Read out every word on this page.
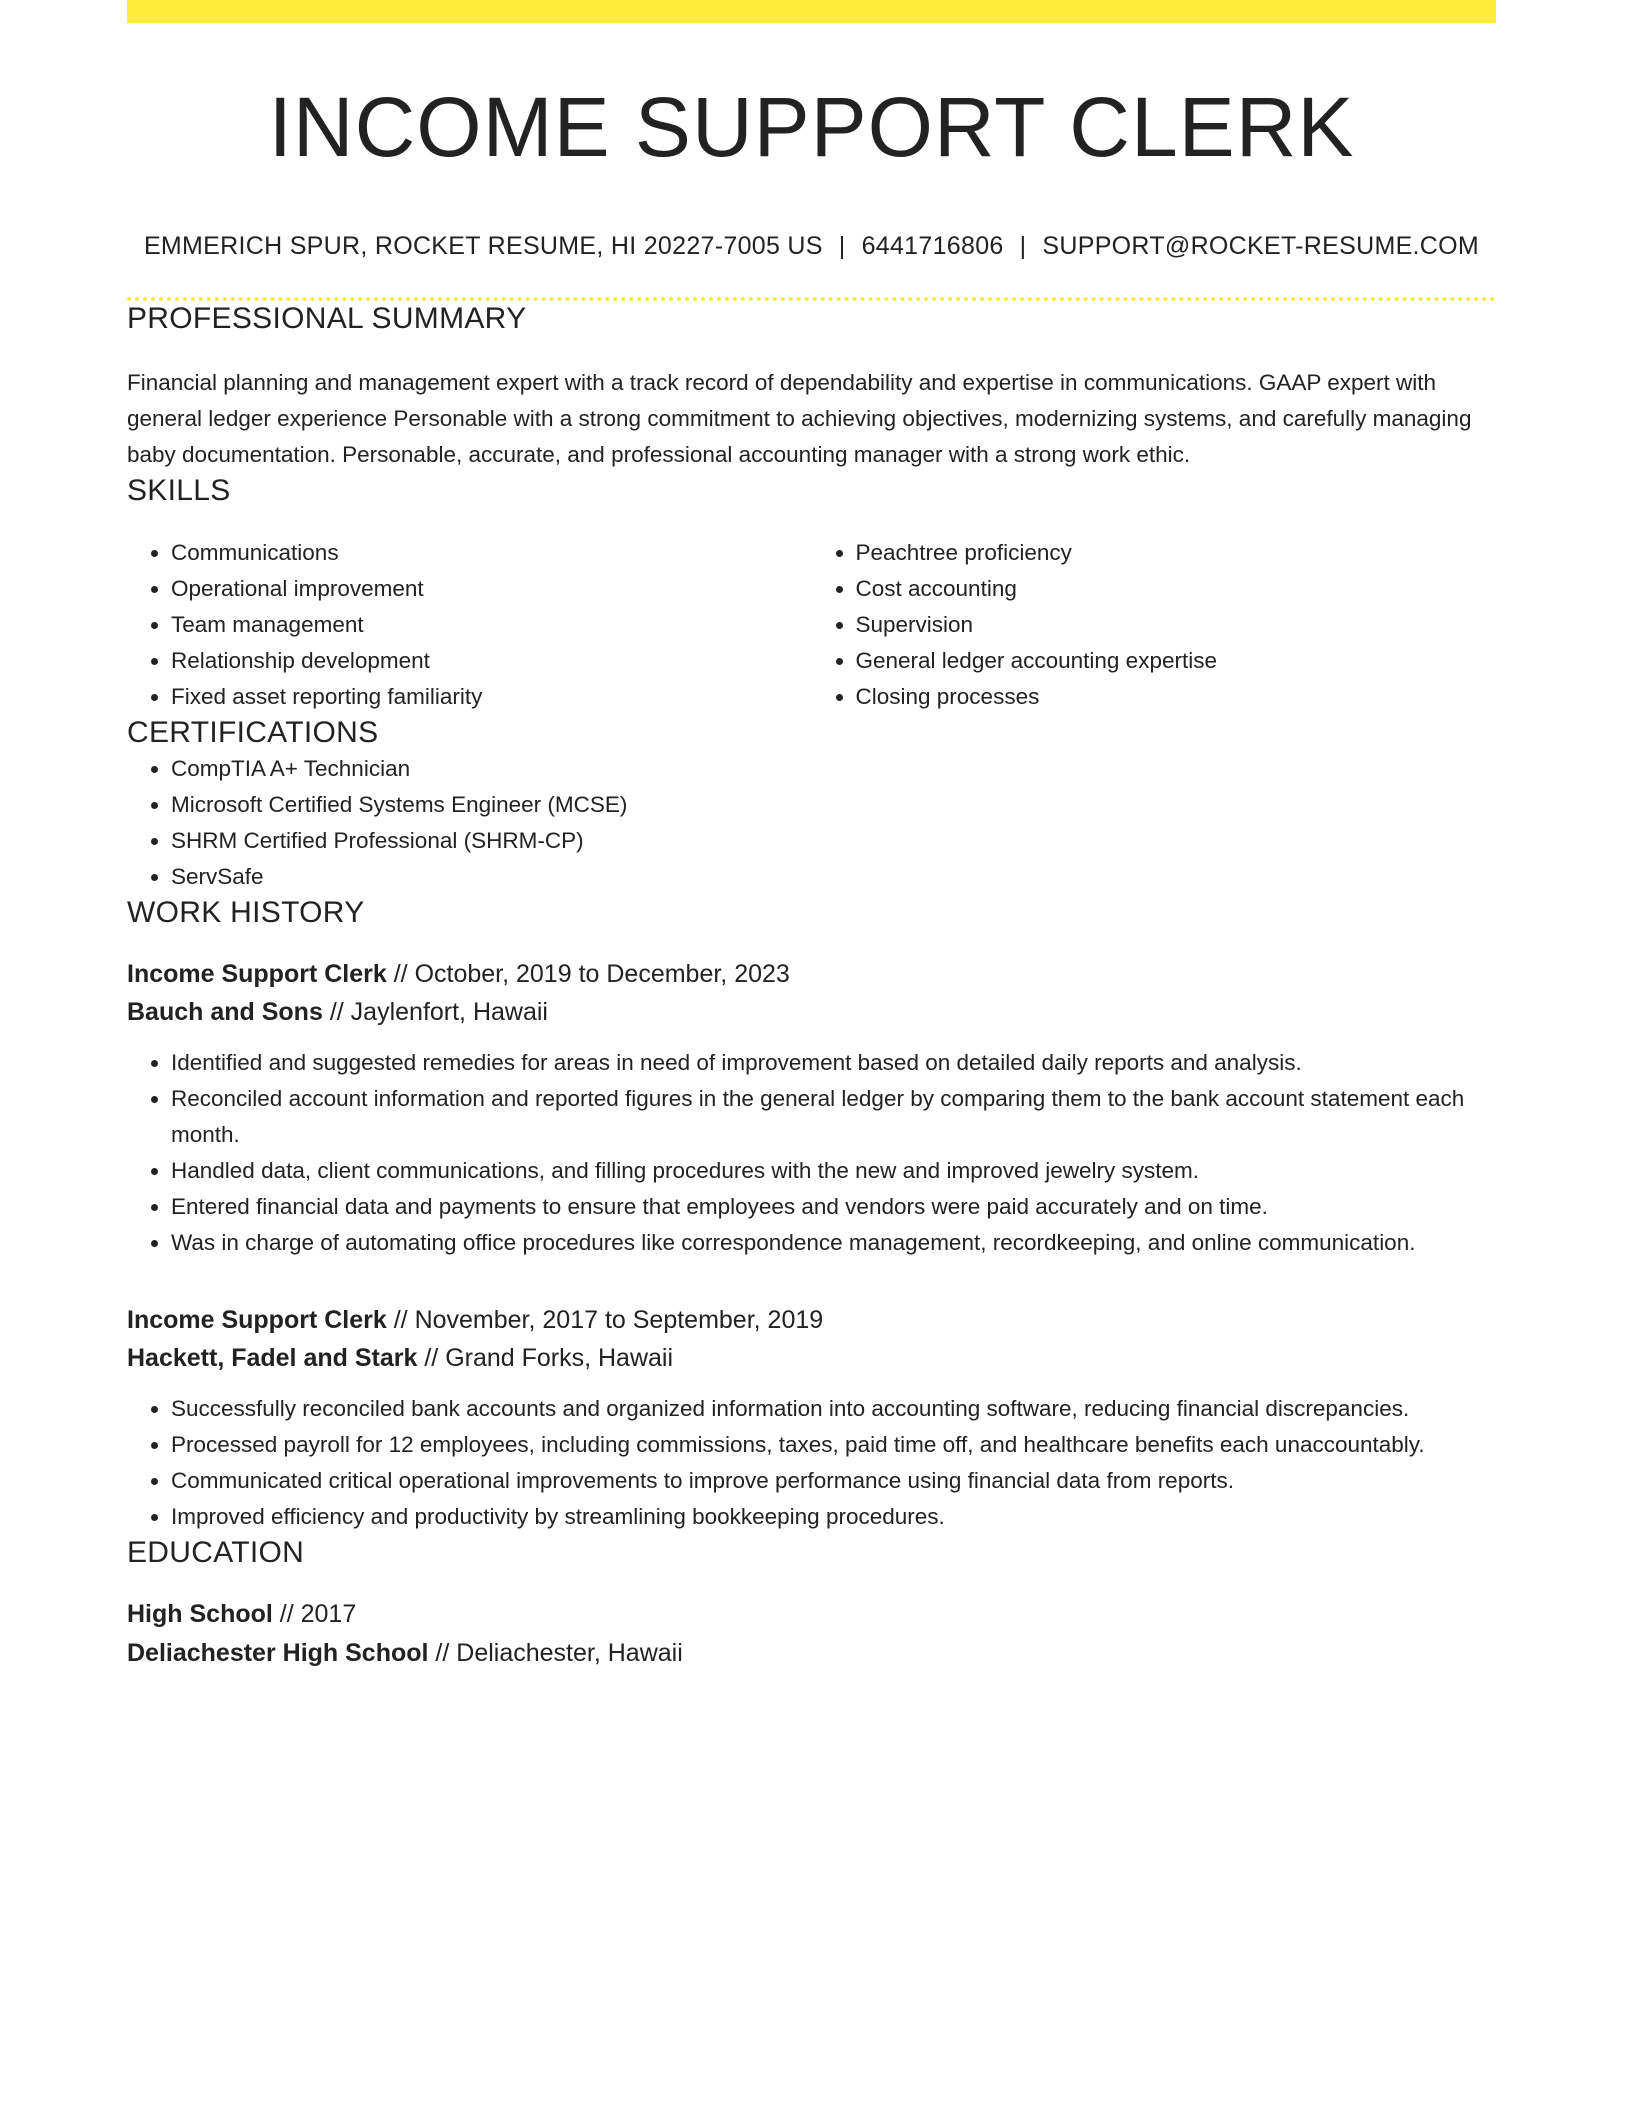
INCOME SUPPORT CLERK
EMMERICH SPUR, ROCKET RESUME, HI 20227-7005 US | 6441716806 | SUPPORT@ROCKET-RESUME.COM
PROFESSIONAL SUMMARY

Financial planning and management expert with a track record of dependability and expertise in communications. GAAP expert with general ledger experience Personable with a strong commitment to achieving objectives, modernizing systems, and carefully managing baby documentation. Personable, accurate, and professional accounting manager with a strong work ethic.

SKILLS
• Communications
• Operational improvement
• Team management
• Relationship development
• Fixed asset reporting familiarity
• Peachtree proficiency
• Cost accounting
• Supervision
• General ledger accounting expertise
• Closing processes
CERTIFICATIONS
• CompTIA A+ Technician
• Microsoft Certified Systems Engineer (MCSE)
• SHRM Certified Professional (SHRM-CP)
• ServSafe
WORK HISTORY
Income Support Clerk // October, 2019 to December, 2023
Bauch and Sons // Jaylenfort, Hawaii
• Identified and suggested remedies for areas in need of improvement based on detailed daily reports and analysis.
• Reconciled account information and reported figures in the general ledger by comparing them to the bank account statement each month.
• Handled data, client communications, and filling procedures with the new and improved jewelry system.
• Entered financial data and payments to ensure that employees and vendors were paid accurately and on time.
• Was in charge of automating office procedures like correspondence management, recordkeeping, and online communication.
Income Support Clerk // November, 2017 to September, 2019
Hackett, Fadel and Stark // Grand Forks, Hawaii
• Successfully reconciled bank accounts and organized information into accounting software, reducing financial discrepancies.
• Processed payroll for 12 employees, including commissions, taxes, paid time off, and healthcare benefits each unaccountably.
• Communicated critical operational improvements to improve performance using financial data from reports.
• Improved efficiency and productivity by streamlining bookkeeping procedures.
EDUCATION
High School // 2017
Deliachester High School // Deliachester, Hawaii
